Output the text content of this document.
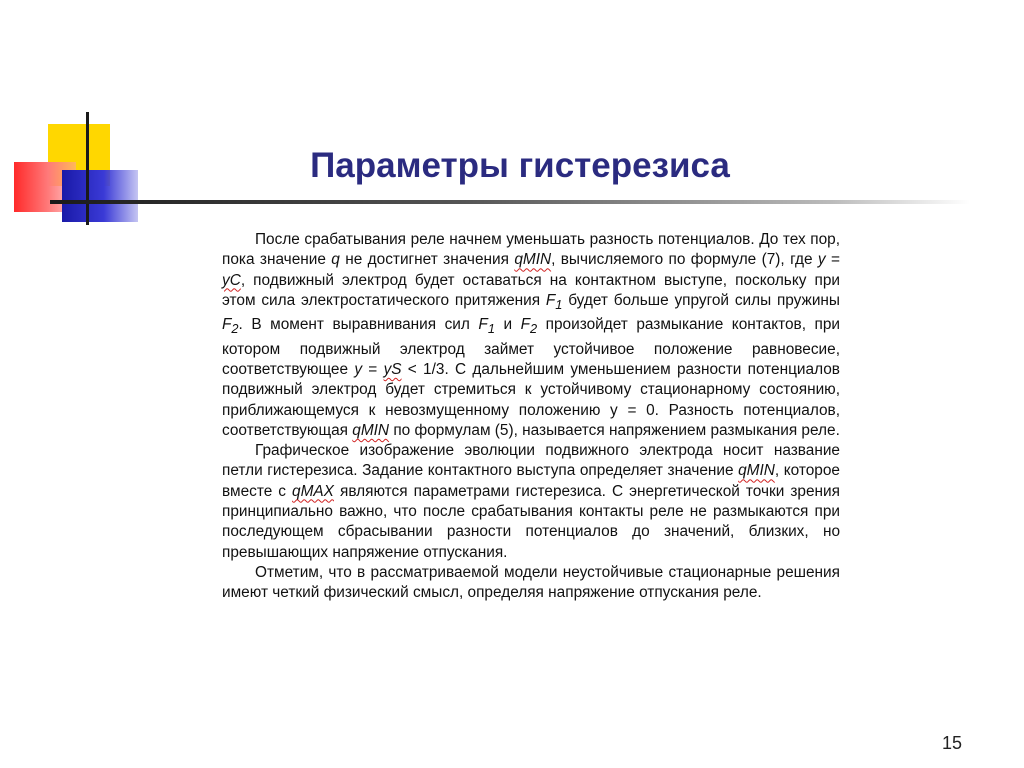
Параметры гистерезиса

После срабатывания реле начнем уменьшать разность потенциалов. До тех пор, пока значение q не достигнет значения qMIN, вычисляемого по формуле (7), где y = yC, подвижный электрод будет оставаться на контактном выступе, поскольку при этом сила электростатического притяжения $F_1$ будет больше упругой силы пружины $F_2$. В момент выравнивания сил $F_1$ и $F_2$ произойдет размыкание контактов, при котором подвижный электрод займет устойчивое положение равновесие, соответствующее y = yS < 1/3. С дальнейшим уменьшением разности потенциалов подвижный электрод будет стремиться к устойчивому стационарному состоянию, приближающемуся к невозмущенному положению y = 0. Разность потенциалов, соответствующая qMIN по формулам (5), называется напряжением размыкания реле.

Графическое изображение эволюции подвижного электрода носит название петли гистерезиса. Задание контактного выступа определяет значение qMIN, которое вместе с qMAX являются параметрами гистерезиса. С энергетической точки зрения принципиально важно, что после срабатывания контакты реле не размыкаются при последующем сбрасывании разности потенциалов до значений, близких, но превышающих напряжение отпускания.

Отметим, что в рассматриваемой модели неустойчивые стационарные решения имеют четкий физический смысл, определяя напряжение отпускания реле.

15
